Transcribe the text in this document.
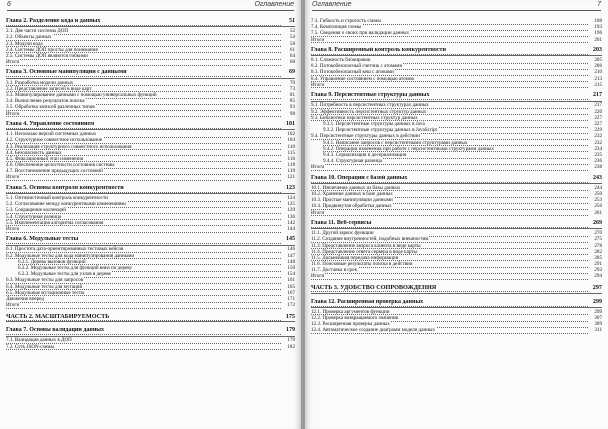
6	Оглавление
Глава 2. Разделение кода и данных	51
2.1. Две части системы ДОП	52
2.2. Объекты данных	54
2.3. Модули кода	58
2.4. Системы ДОП просты для понимания	61
2.5. Системы ДОП являются гибкими	64
Итоги	68
Глава 3. Основные манипуляции с данными	69
3.1. Разработка модели данных	70
3.2. Представление записей в виде карт	73
3.3. Манипулирование данными с помощью универсальных функций	81
3.4. Вычисление результатов поиска	85
3.5. Обработка записей различных типов	93
Итоги	98
Глава 4. Управление состоянием	101
4.1. Несколько версий системных данных	102
4.2. Структурное совместное использование	104
4.3. Реализация структурного совместного использования	110
4.4. Безопасность данных	115
4.5. Фиксационный этап изменения	116
4.6. Обеспечение целостности состояния системы	118
4.7. Восстановление предыдущих состояний	119
Итоги	121
Глава 5. Основы контроля конкурентности	123
5.1. Оптимистичный контроль конкурентности	124
5.2. Согласование между конкурентными изменениями	125
5.3. Сокращение коллекций	129
5.4. Структурная разница	136
5.5. Имплементация алгоритма согласования	142
Итоги	144
Глава 6. Модульные тесты	145
6.1. Простота дата-ориентированных тестовых кейсов	146
6.2. Модульные тесты для кода манипулирования данными	147
6.2.1. Дерево вызовов функций	148
6.2.2. Модульные тесты для функций вниз по дереву	150
6.2.3. Модульные тесты для узлов в дереве	154
6.3. Модульные тесты для запросов	161
6.4. Модульные тесты для мутаций	165
6.5. Модульные мутационные тесты	167
Движение вперед	171
Итоги	172
ЧАСТЬ 2. МАСШТАБИРУЕМОСТЬ	175
Глава 7. Основы валидации данных	179
7.1. Валидация данных в ДОП	179
7.2. Суть JSON-схемы	182
7
Оглавление
7.3. Гибкость и строгость схемы	188
7.4. Композиция схемы	193
7.5. Сведения о своих при валидации данных	196
Итоги	201
Глава 8. Расширенный контроль конкурентности	203
8.1. Сложность блокировок	205
8.2. Потокобезопасный счетчик с атомами	206
8.3. Потокобезопасный кеш с атомами	210
8.4. Управление состоянием с помощью атомов	213
Итоги	215
Глава 9. Персистентные структуры данных	217
9.1. Потребность в персистентных структурах данных	217
9.2. Эффективность персистентных структур данных	220
9.3. Библиотеки персистентных структур данных	227
9.3.1. Персистентные структуры данных в Java	227
9.3.2. Персистентные структуры данных в JavaScript	229
9.4. Персистентные структуры данных в действии	232
9.4.1. Написание запросов с персистентными структурами данных	232
9.4.2. Операции изменения при работе с персистентными структурами данных	234
9.4.3. Сериализация и десериализация	235
9.4.4. Структурная разница	236
Итоги	238
Глава 10. Операции с базой данных	243
10.1. Извлечение данных из базы данных	244
10.2. Хранение данных в базе данных	250
10.3. Простые манипуляции данными	253
10.4. Продвинутая обработка данных	256
Итоги	261
Глава 11. Веб-сервисы	269
11.1. Другой заркос функции	270
11.2. Создание внутренностей, подобных внешностям	275
11.3. Представление запроса клиента в виде карты	278
11.4. Представление ответа сервера в виде карты	282
11.5. Дальнейшая передача информации	285
11.6. Поисковые результаты поиска в действии	291
11.7. Доставка в срок	293
Итоги	294
ЧАСТЬ 3. УДОБСТВО СОПРОВОЖДЕНИЯ	297
Глава 12. Расширенная проверка данных	299
12.1. Проверка аргументов функции	299
12.2. Проверка возвращаемого значения	307
12.3. Расширенная проверка данных	309
12.4. Автоматическое создание диаграмм модели данных	311
